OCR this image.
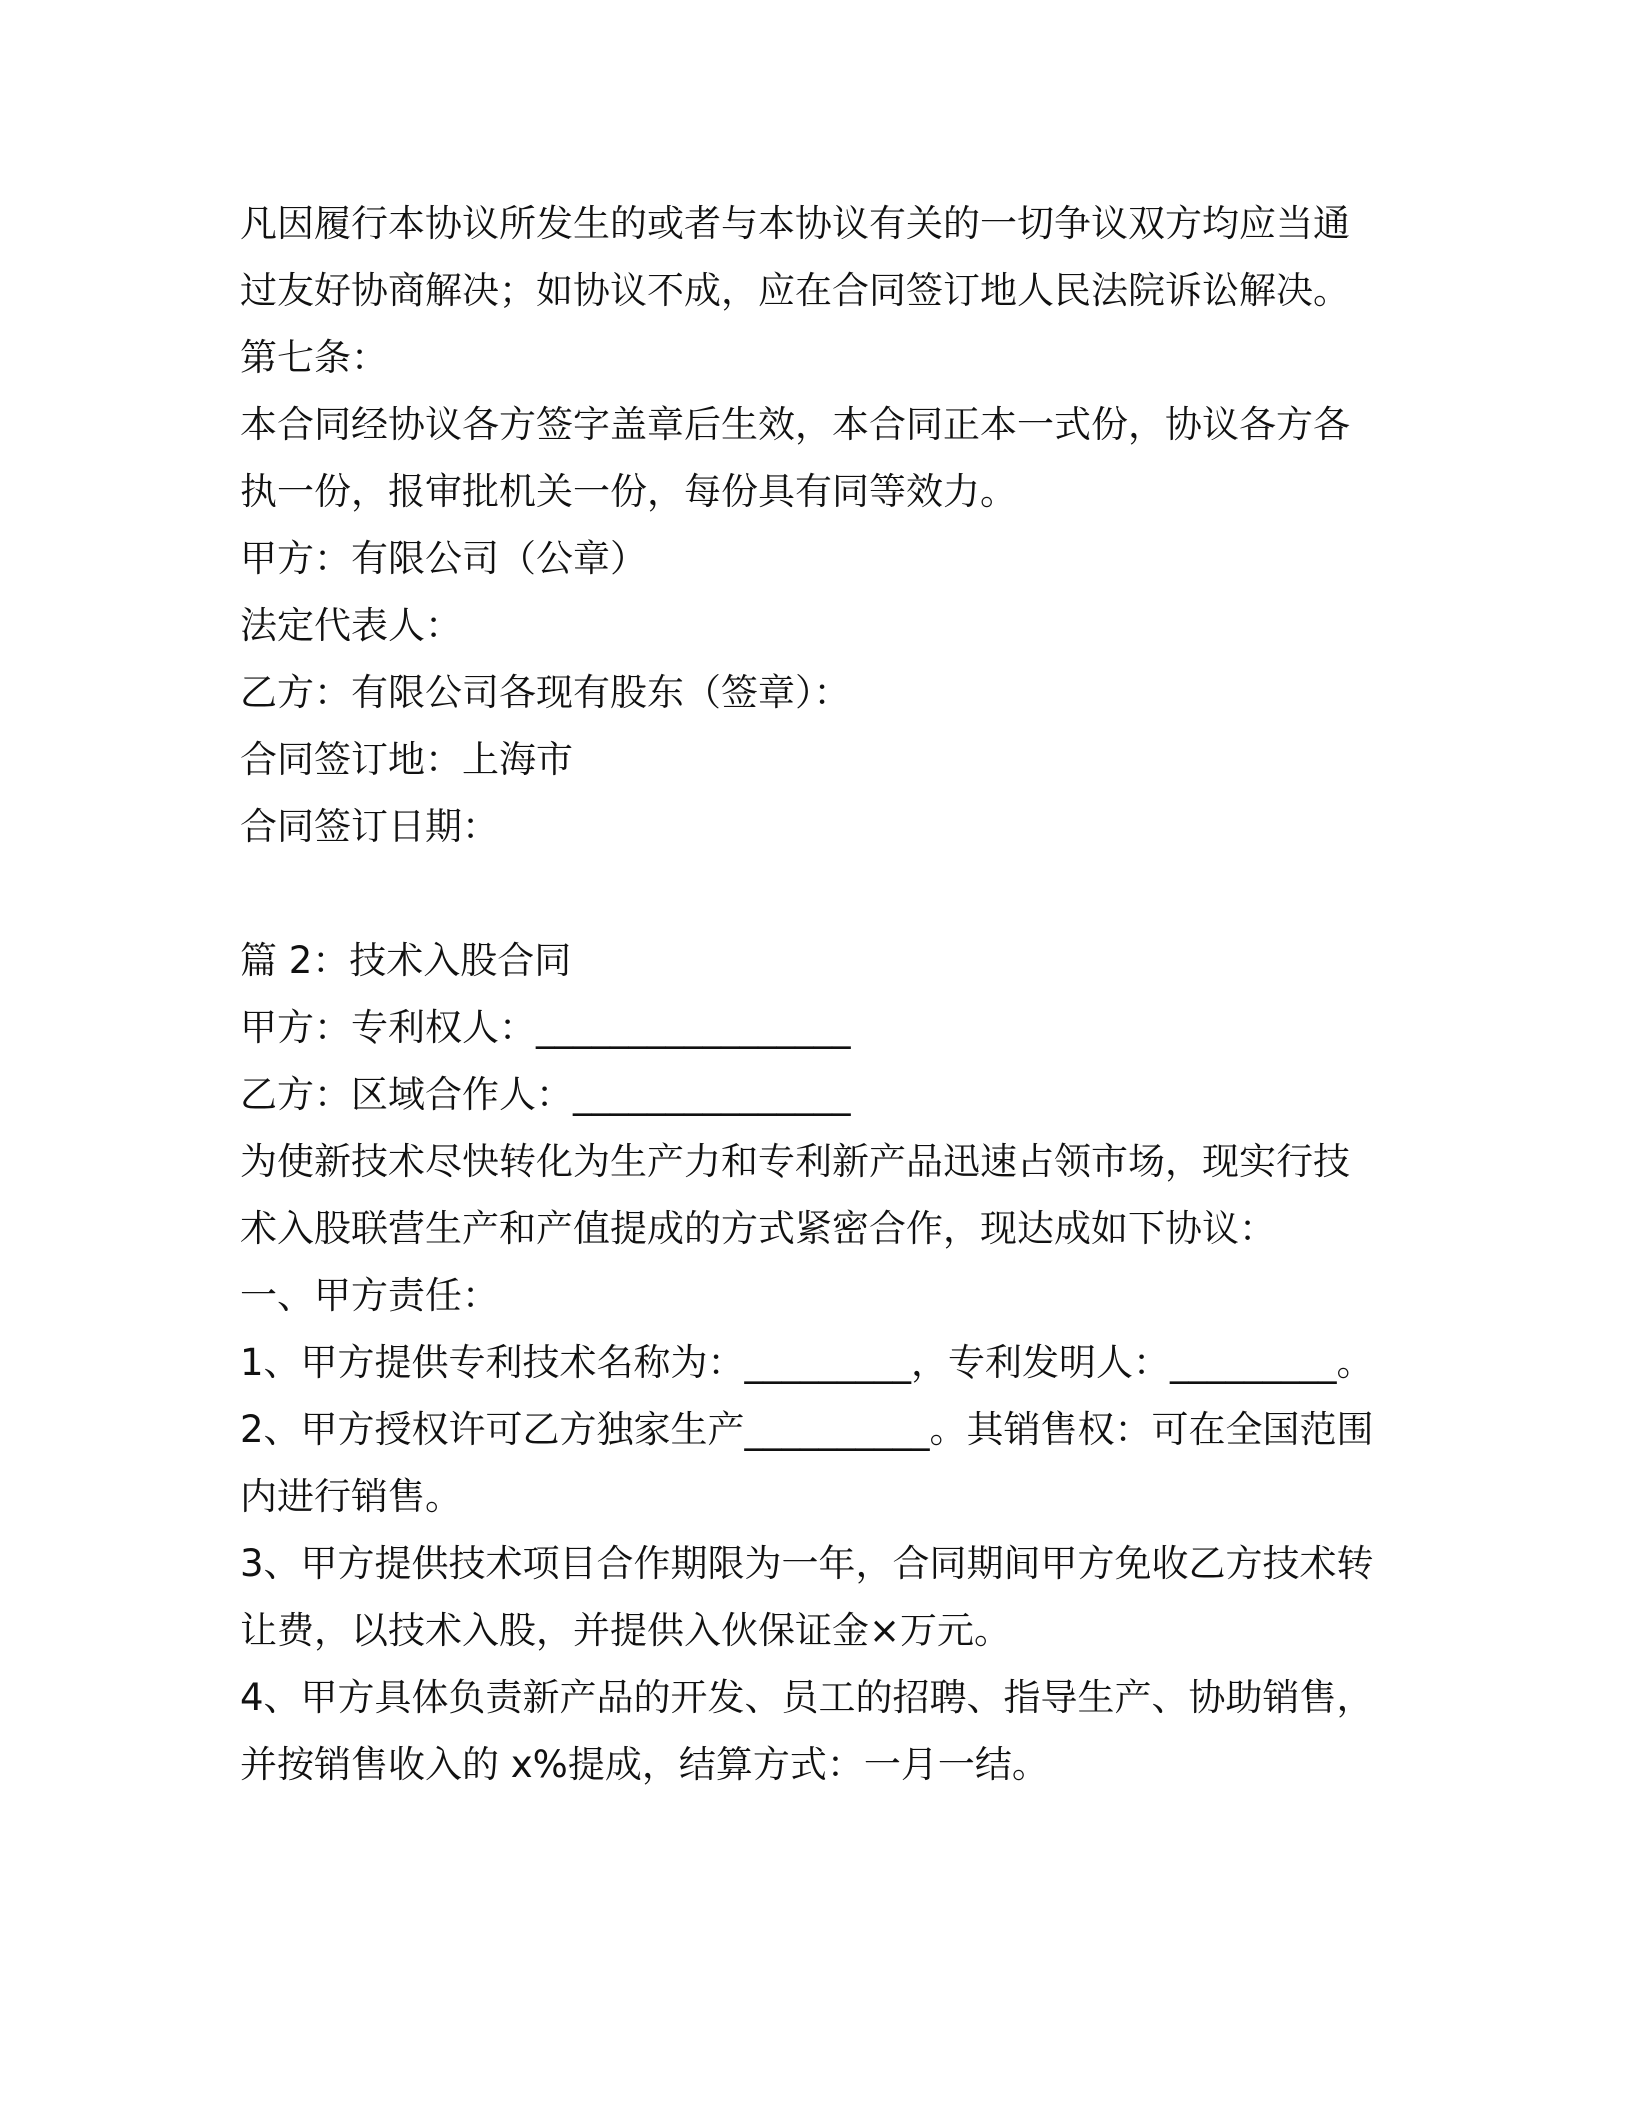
凡因履行本协议所发生的或者与本协议有关的一切争议双方均应当通
过友好协商解决；如协议不成，应在合同签订地人民法院诉讼解决。
第七条：
本合同经协议各方签字盖章后生效，本合同正本一式份，协议各方各
执一份，报审批机关一份，每份具有同等效力。
甲方：有限公司（公章）
法定代表人：
乙方：有限公司各现有股东（签章）：
合同签订地：上海市
合同签订日期：
篇 2：技术入股合同
甲方：专利权人：_________________
乙方：区域合作人：_______________
为使新技术尽快转化为生产力和专利新产品迅速占领市场，现实行技
术入股联营生产和产值提成的方式紧密合作，现达成如下协议：
一、甲方责任：
1、甲方提供专利技术名称为：_________，专利发明人：_________。
2、甲方授权许可乙方独家生产__________。其销售权：可在全国范围
内进行销售。
3、甲方提供技术项目合作期限为一年，合同期间甲方免收乙方技术转
让费，以技术入股，并提供入伙保证金×万元。
4、甲方具体负责新产品的开发、员工的招聘、指导生产、协助销售，
并按销售收入的 x%提成，结算方式：一月一结。
